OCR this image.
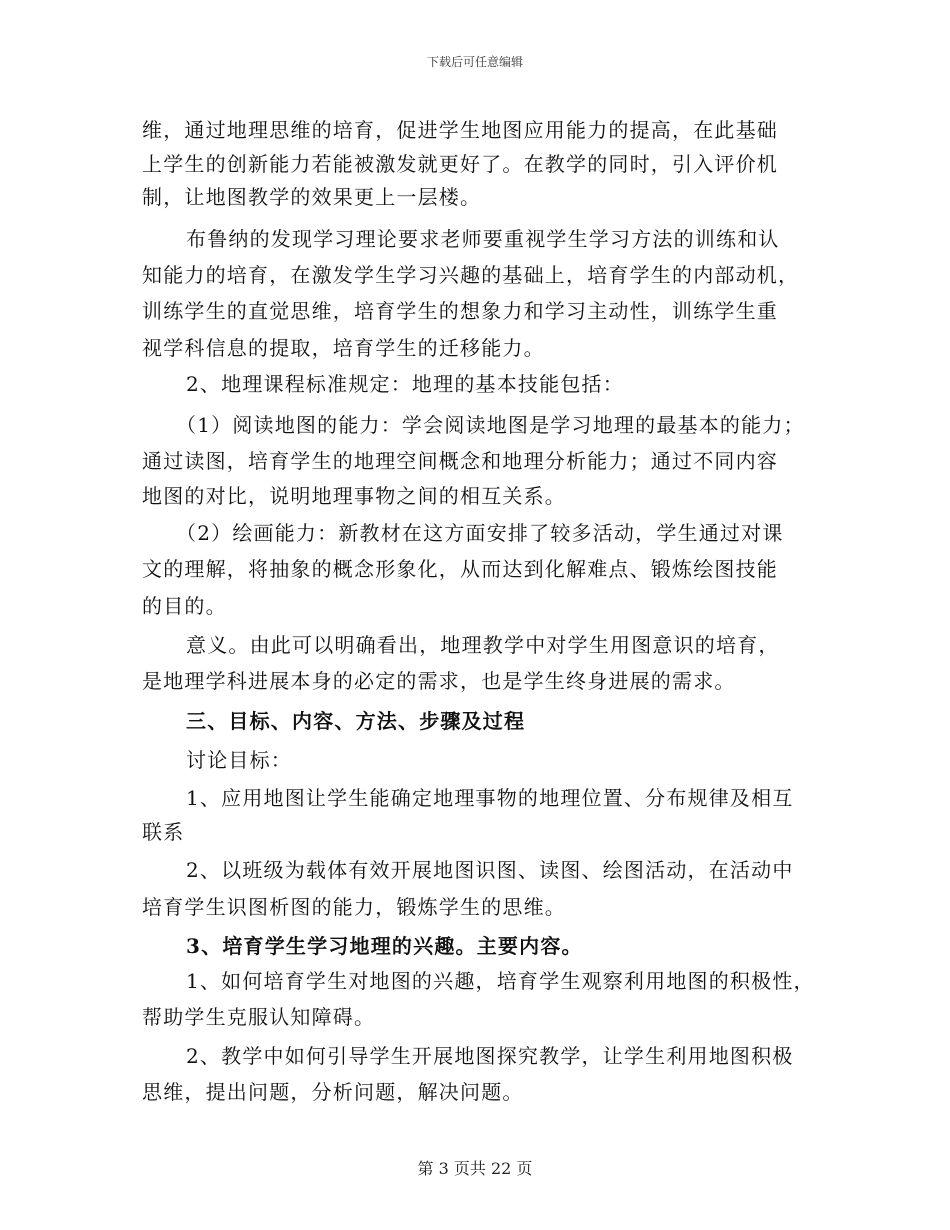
下载后可任意编辑
维，通过地理思维的培育，促进学生地图应用能力的提高，在此基础
上学生的创新能力若能被激发就更好了。在教学的同时，引入评价机
制，让地图教学的效果更上一层楼。
布鲁纳的发现学习理论要求老师要重视学生学习方法的训练和认
知能力的培育，在激发学生学习兴趣的基础上，培育学生的内部动机，
训练学生的直觉思维，培育学生的想象力和学习主动性，训练学生重
视学科信息的提取，培育学生的迁移能力。
2、地理课程标准规定：地理的基本技能包括：
（1）阅读地图的能力：学会阅读地图是学习地理的最基本的能力；
通过读图，培育学生的地理空间概念和地理分析能力；通过不同内容
地图的对比，说明地理事物之间的相互关系。
（2）绘画能力：新教材在这方面安排了较多活动，学生通过对课
文的理解，将抽象的概念形象化，从而达到化解难点、锻炼绘图技能
的目的。
意义。由此可以明确看出，地理教学中对学生用图意识的培育，
是地理学科进展本身的必定的需求，也是学生终身进展的需求。
三、目标、内容、方法、步骤及过程
讨论目标：
1、应用地图让学生能确定地理事物的地理位置、分布规律及相互
联系
2、以班级为载体有效开展地图识图、读图、绘图活动，在活动中
培育学生识图析图的能力，锻炼学生的思维。
3、培育学生学习地理的兴趣。主要内容。
1、如何培育学生对地图的兴趣，培育学生观察利用地图的积极性，
帮助学生克服认知障碍。
2、教学中如何引导学生开展地图探究教学，让学生利用地图积极
思维，提出问题，分析问题，解决问题。
第 3 页共 22 页
